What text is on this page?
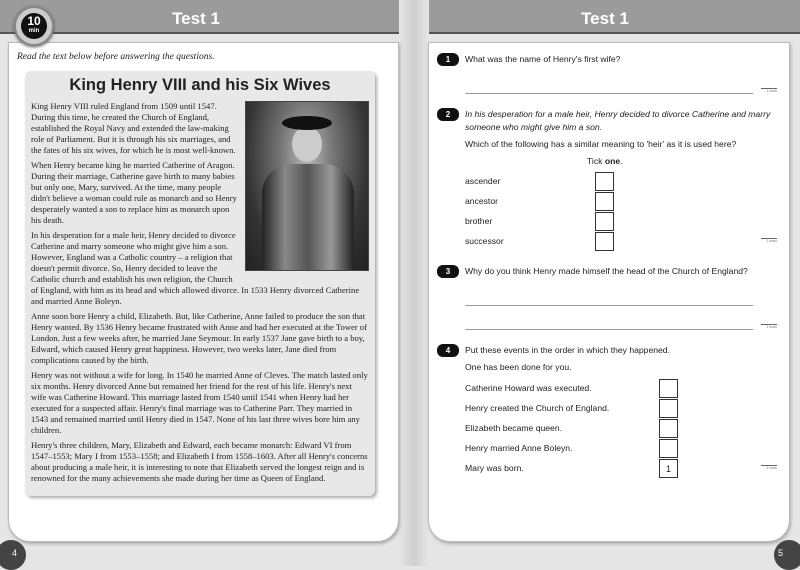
Test 1	Test 1
10
min
Read the text below before answering the questions.
King Henry VIII and his Six Wives

King Henry VIII ruled England from 1509 until 1547. During this time, he created the Church of England, established the Royal Navy and extended the law-making role of Parliament. But it is through his six marriages, and the fates of his six wives, for which he is most well-known.

When Henry became king he married Catherine of Aragon. During their marriage, Catherine gave birth to many babies but only one, Mary, survived. At the time, many people didn't believe a woman could rule as monarch and so Henry desperately wanted a son to replace him as monarch upon his death.

In his desperation for a male heir, Henry decided to divorce Catherine and marry someone who might give him a son. However, England was a Catholic country – a religion that doesn't permit divorce. So, Henry decided to leave the Catholic church and establish his own religion, the Church of England, with him as its head and which allowed divorce. In 1533 Henry divorced Catherine and married Anne Boleyn.

Anne soon bore Henry a child, Elizabeth. But, like Catherine, Anne failed to produce the son that Henry wanted. By 1536 Henry became frustrated with Anne and had her executed at the Tower of London. Just a few weeks after, he married Jane Seymour. In early 1537 Jane gave birth to a boy, Edward, which caused Henry great happiness. However, two weeks later, Jane died from complications caused by the birth.

Henry was not without a wife for long. In 1540 he married Anne of Cleves. The match lasted only six months. Henry divorced Anne but remained her friend for the rest of his life. Henry's next wife was Catherine Howard. This marriage lasted from 1540 until 1541 when Henry had her executed for a suspected affair. Henry's final marriage was to Catherine Parr. They married in 1543 and remained married until Henry died in 1547. None of his last three wives bore him any children.

Henry's three children, Mary, Elizabeth and Edward, each became monarch: Edward VI from 1547–1553; Mary I from 1553–1558; and Elizabeth I from 1558–1603. After all Henry's concerns about producing a male heir, it is interesting to note that Elizabeth served the longest reign and is renowned for the many achievements she made during her time as Queen of England.

1	What was the name of Henry's first wife?
1 mark
2	In his desperation for a male heir, Henry decided to divorce Catherine and marry someone who might give him a son.
Which of the following has a similar meaning to 'heir' as it is used here?
Tick one.
ascender
ancestor
brother
successor	1 mark
3	Why do you think Henry made himself the head of the Church of England?
1 mark
4	Put these events in the order in which they happened.
One has been done for you.
Catherine Howard was executed.
Henry created the Church of England.
Elizabeth became queen.
Henry married Anne Boleyn.
Mary was born.	1	1 mark
4	5
